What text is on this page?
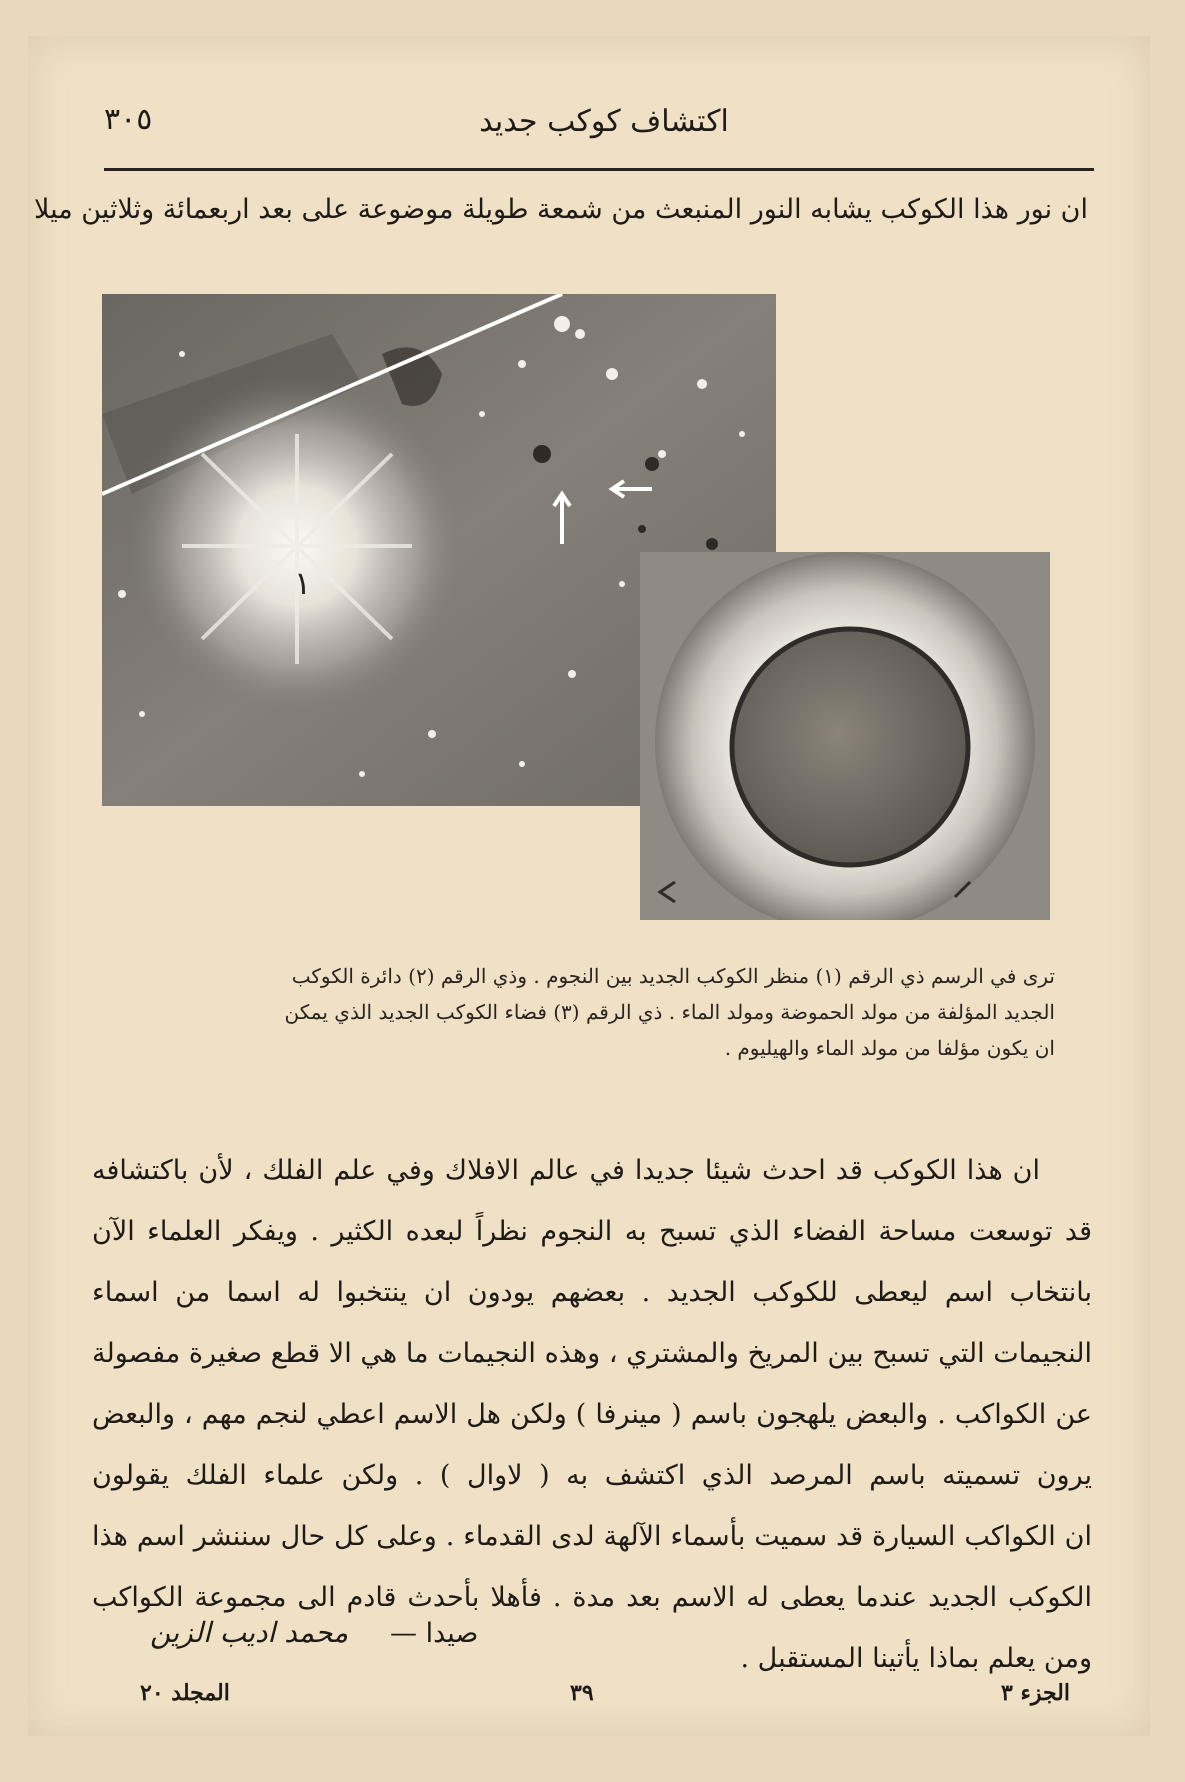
٣٠٥	اكتشاف كوكب جديد
ان نور هذا الكوكب يشابه النور المنبعث من شمعة طويلة موضوعة على بعد اربعمائة وثلاثين ميلا
١

ترى في الرسم ذي الرقم (١) منظر الكوكب الجديد بين النجوم . وذي الرقم (٢) دائرة الكوكب

الجديد المؤلفة من مولد الحموضة ومولد الماء . ذي الرقم (٣) فضاء الكوكب الجديد الذي يمكن

ان يكون مؤلفا من مولد الماء والهيليوم .

ان هذا الكوكب قد احدث شيئا جديدا في عالم الافلاك وفي علم الفلك ، لأن باكتشافه

قد توسعت مساحة الفضاء الذي تسبح به النجوم نظراً لبعده الكثير . ويفكر العلماء الآن

بانتخاب اسم ليعطى للكوكب الجديد . بعضهم يودون ان ينتخبوا له اسما من اسماء

النجيمات التي تسبح بين المريخ والمشتري ، وهذه النجيمات ما هي الا قطع صغيرة مفصولة

عن الكواكب . والبعض يلهجون باسم ( مينرفا ) ولكن هل الاسم اعطي لنجم مهم ، والبعض

يرون تسميته باسم المرصد الذي اكتشف به ( لاوال ) . ولكن علماء الفلك يقولون

ان الكواكب السيارة قد سميت بأسماء الآلهة لدى القدماء . وعلى كل حال سننشر اسم هذا

الكوكب الجديد عندما يعطى له الاسم بعد مدة . فأهلا بأحدث قادم الى مجموعة الكواكب

ومن يعلم بماذا يأتينا المستقبل .

محمد اديب الزين صيدا —
المجلد ٢٠	٣٩	الجزء ٣
